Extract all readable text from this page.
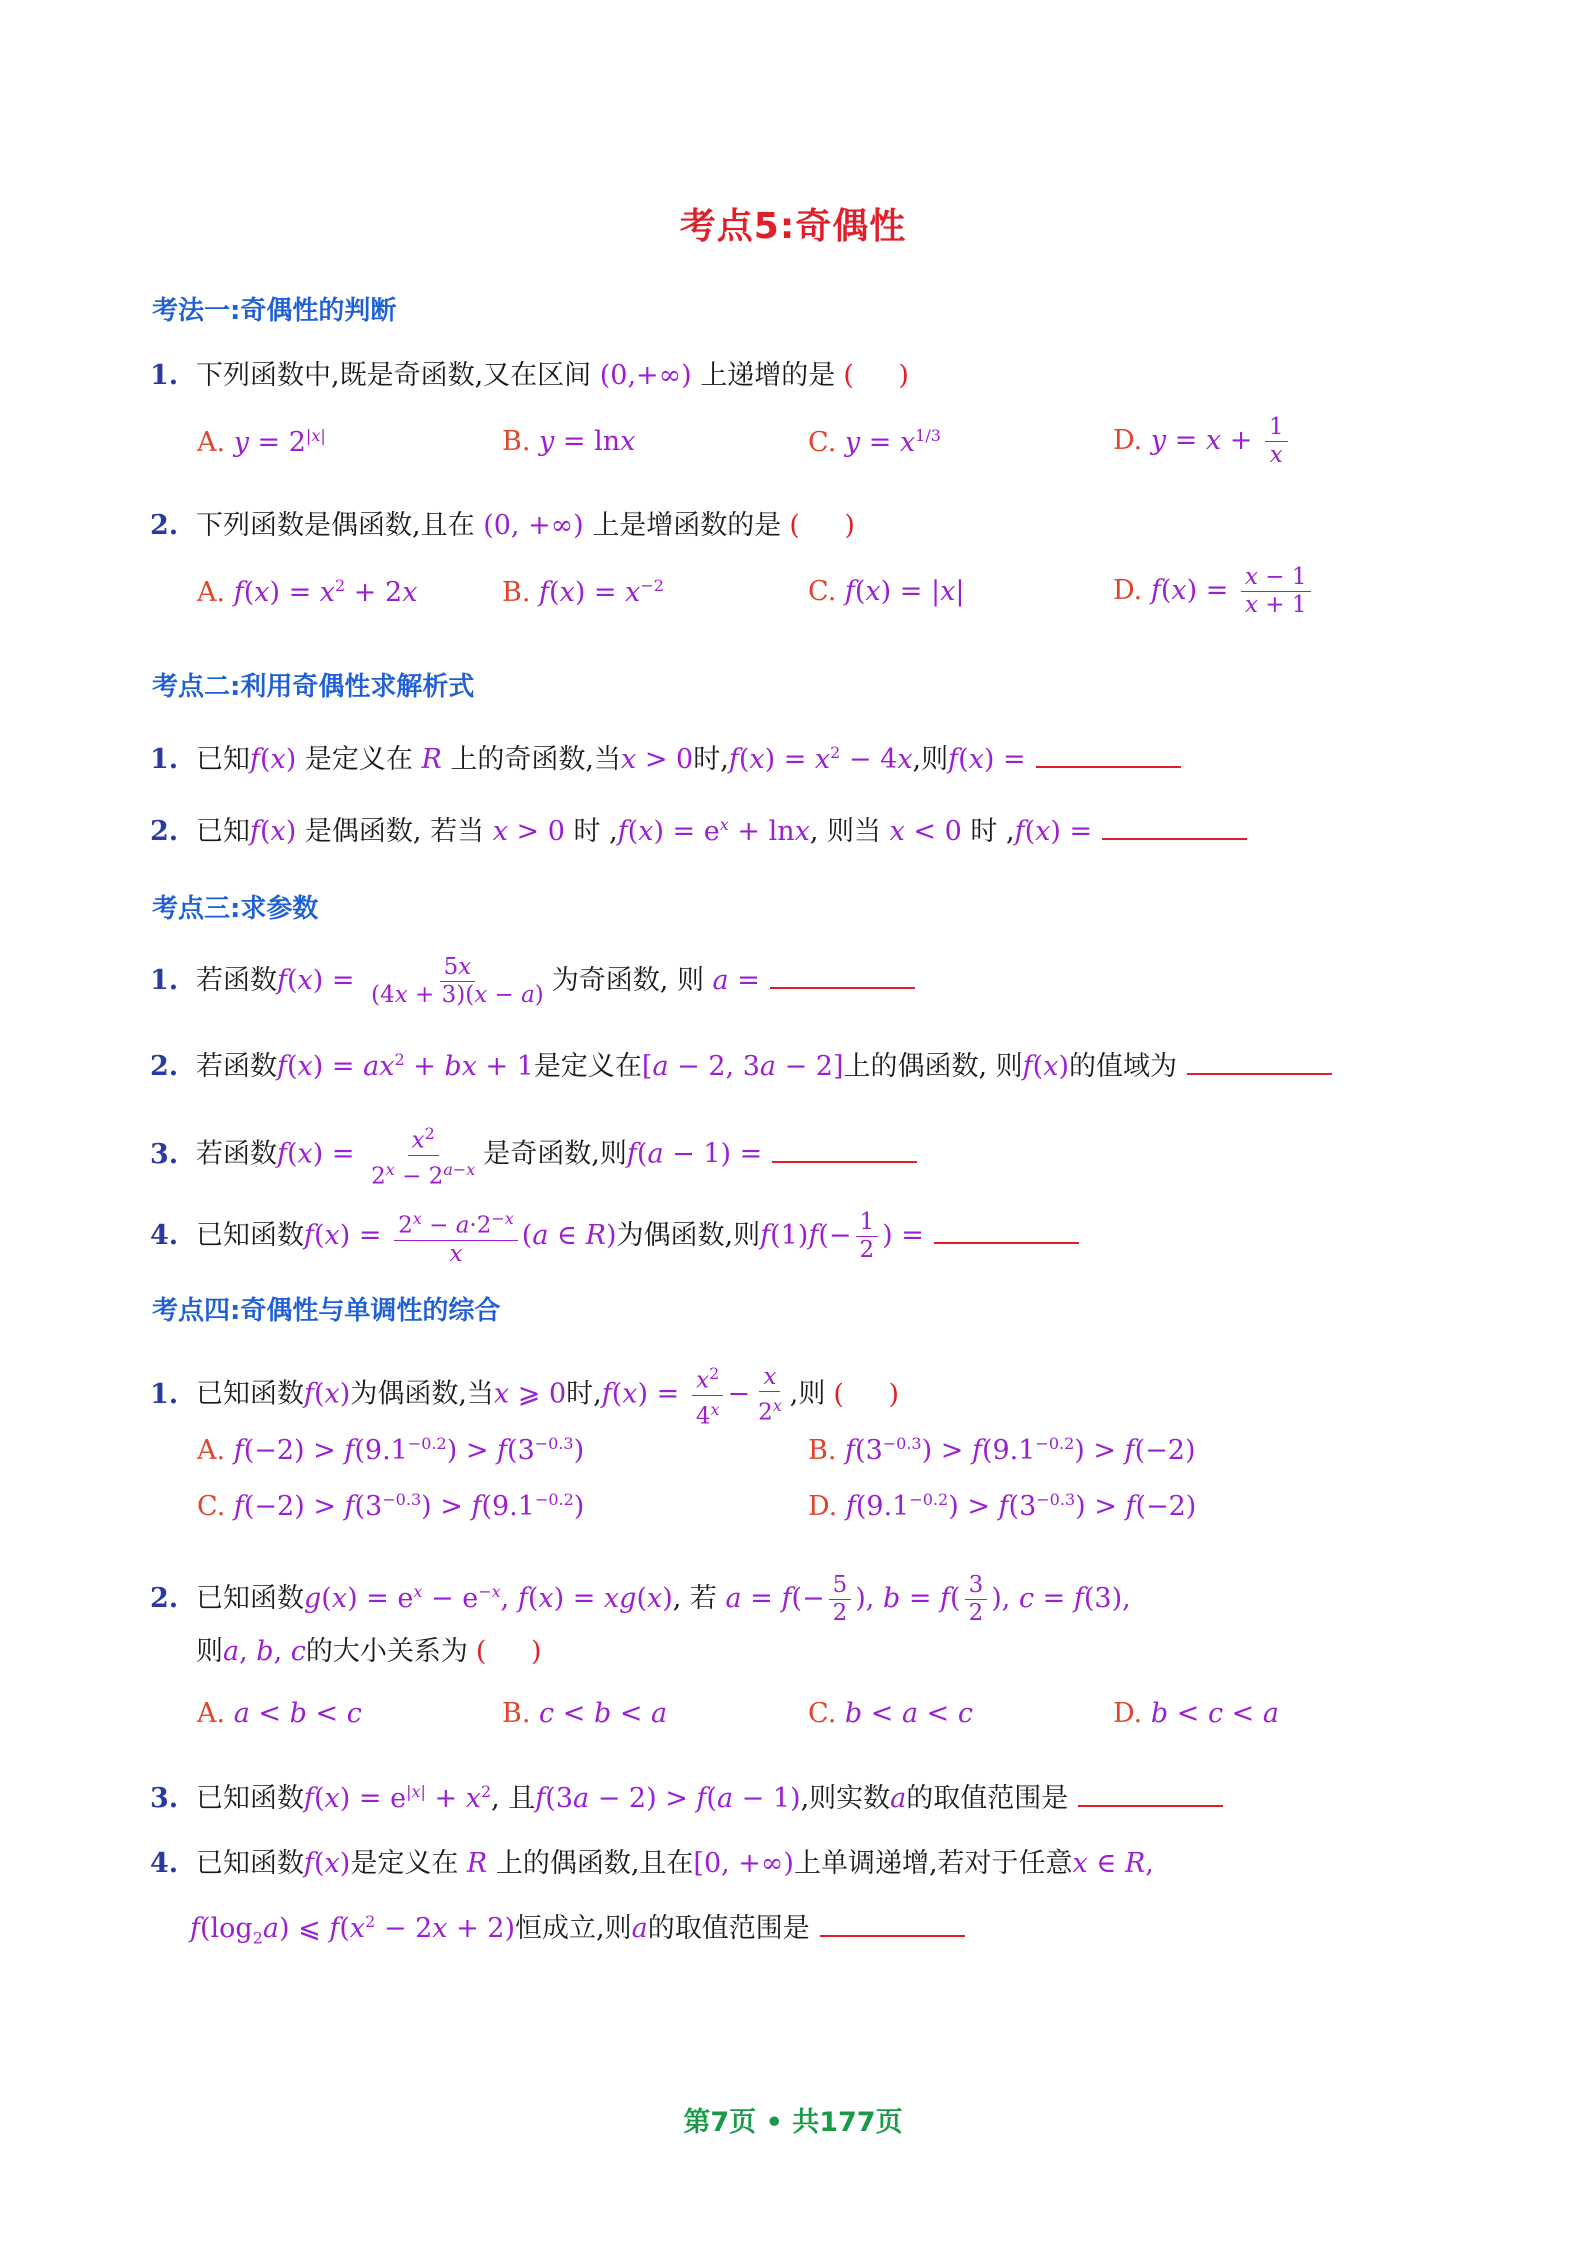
考点5:奇偶性
考法一:奇偶性的判断
1. 下列函数中,既是奇函数,又在区间 (0,+∞) 上递增的是 ( )
A. $y = 2^{|x|}$	B. y = lnx	C. $y = x^{1/3}$	D. $y = x + \frac{1}{x}$
2. 下列函数是偶函数,且在 (0, +∞) 上是增函数的是 ( )
A. $f(x) = x^2 + 2x$	B. $f(x) = x^{-2}$	C. f(x) = |x|	D. $f(x) = \frac{x - 1}{x + 1}$
考点二:利用奇偶性求解析式
1. 已知f(x) 是定义在 R 上的奇函数,当x > 0时$,f(x) = x^2 - 4x$,则f(x) =
2. 已知f(x) 是偶函数, 若当 x > 0 时 $,f(x) = e^x + \ln x$, 则当 x < 0 时 ,f(x) =
考点三:求参数
1. 若函数$f(x) = \frac{5x}{(4x + 3)(x - a)}$ 为奇函数, 则 a =
2. 若函数$f(x) = ax^2$ + bx + 1是定义在[a − 2, 3a − 2]上的偶函数, 则f(x)的值域为
3. 若函数$f(x) = \frac{x^2}{2^x - 2^{a-x}}$ 是奇函数,则f(a − 1) =
4. 已知函数$f(x) = \frac{2^x - a\cdot 2^{-x}}{x} (a$ ∈ R)为偶函数,则$f(1)f(- \frac{1}{2}$ ) =
考点四:奇偶性与单调性的综合
1. 已知函数f(x)为偶函数,当x ⩾ 0时$,f(x) = \frac{x^2}{4^x} - \frac{x}{2^x}$ ,则 ( )
A. $f(-2) > f(9.1^{-0.2}) > f(3^{-0.3})$	B. $f(3^{-0.3}) > f(9.1^{-0.2}) > f(-2)$
C. $f(-2) > f(3^{-0.3}) > f(9.1^{-0.2})$	D. $f(9.1^{-0.2}) > f(3^{-0.3}) > f(-2)$
2. 已知函数$g(x) = e^x - e^{-x}$, f(x) = xg(x), 若 $a = f(- \frac{5}{2}$ ), $b = f( \frac{3}{2}$ ), c = f(3),
则a, b, c的大小关系为 ( )
A. a < b < c	B. c < b < a	C. b < a < c	D. b < c < a
3. 已知函数$f(x) = e^{|x|} + x^2$, 且f(3a − 2) > f(a − 1),则实数a的取值范围是
4. 已知函数f(x)是定义在 R 上的偶函数,且在[0, +∞)上单调递增,若对于任意x ∈ R,
$f(\log_2a)$ ⩽ $f(x^2 - 2x + 2)$恒成立,则a的取值范围是
第7页 • 共177页
